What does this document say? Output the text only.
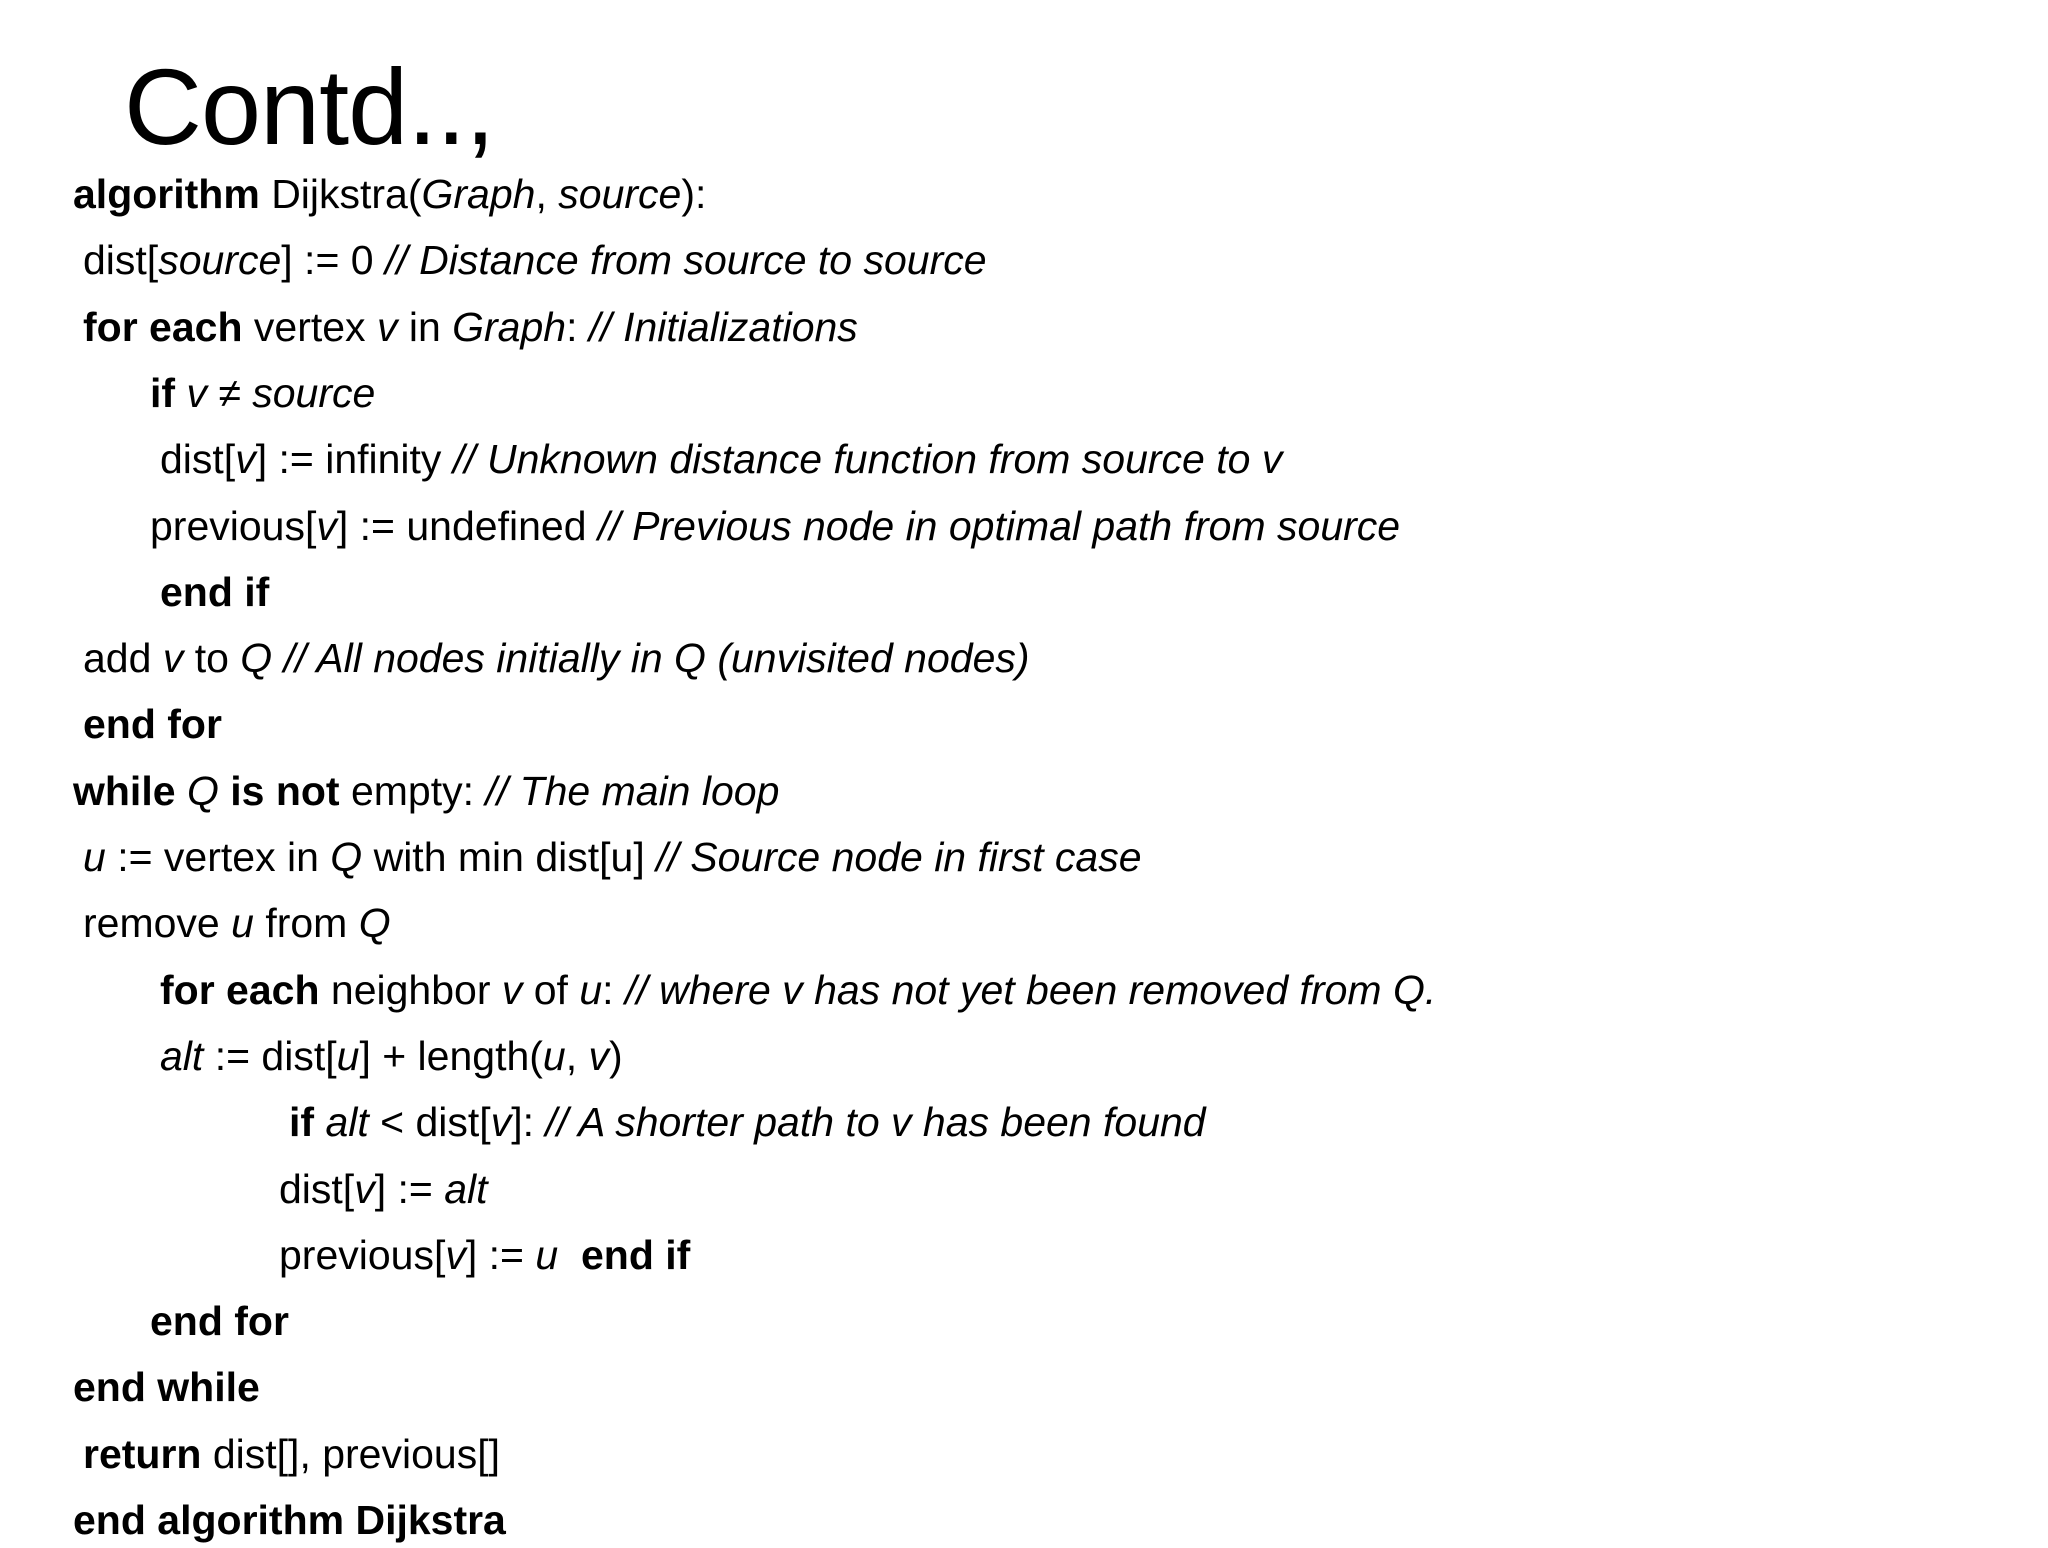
Contd..,
algorithm Dijkstra(Graph, source):
dist[source] := 0 // Distance from source to source
for each vertex v in Graph: // Initializations
if v ≠ source
dist[v] := infinity // Unknown distance function from source to v
previous[v] := undefined // Previous node in optimal path from source
end if
add v to Q // All nodes initially in Q (unvisited nodes)
end for
while Q is not empty: // The main loop
u := vertex in Q with min dist[u] // Source node in first case
remove u from Q
for each neighbor v of u: // where v has not yet been removed from Q.
alt := dist[u] + length(u, v)
if alt < dist[v]: // A shorter path to v has been found
dist[v] := alt
previous[v] := u end if
end for
end while
return dist[], previous[]
end algorithm Dijkstra
